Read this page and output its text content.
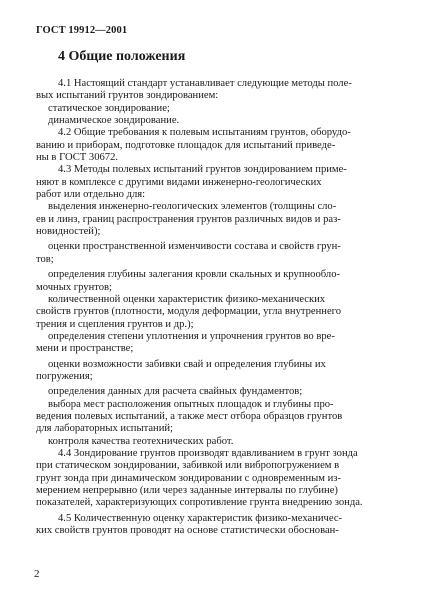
ГОСТ 19912—2001
4 Общие положения
4.1 Настоящий стандарт устанавливает следующие методы поле-
вых испытаний грунтов зондированием:
статическое зондирование;
динамическое зондирование.
4.2 Общие требования к полевым испытаниям грунтов, оборудо-
ванию и приборам, подготовке площадок для испытаний приведе-
ны в ГОСТ 30672.
4.3 Методы полевых испытаний грунтов зондированием приме-
няют в комплексе с другими видами инженерно-геологических
работ или отдельно для:
выделения инженерно-геологических элементов (толщины сло-
ев и линз, границ распространения грунтов различных видов и раз-
новидностей);
оценки пространственной изменчивости состава и свойств грун-
тов;
определения глубины залегания кровли скальных и крупнообло-
мочных грунтов;
количественной оценки характеристик физико-механических
свойств грунтов (плотности, модуля деформации, угла внутреннего
трения и сцепления грунтов и др.);
определения степени уплотнения и упрочнения грунтов во вре-
мени и пространстве;
оценки возможности забивки свай и определения глубины их
погружения;
определения данных для расчета свайных фундаментов;
выбора мест расположения опытных площадок и глубины про-
ведения полевых испытаний, а также мест отбора образцов грунтов
для лабораторных испытаний;
контроля качества геотехнических работ.
4.4 Зондирование грунтов производят вдавливанием в грунт зонда
при статическом зондировании, забивкой или вибропогружением в
грунт зонда при динамическом зондировании с одновременным из-
мерением непрерывно (или через заданные интервалы по глубине)
показателей, характеризующих сопротивление грунта внедрению зонда.
4.5 Количественную оценку характеристик физико-механичес-
ких свойств грунтов проводят на основе статистически обоснован-
2
